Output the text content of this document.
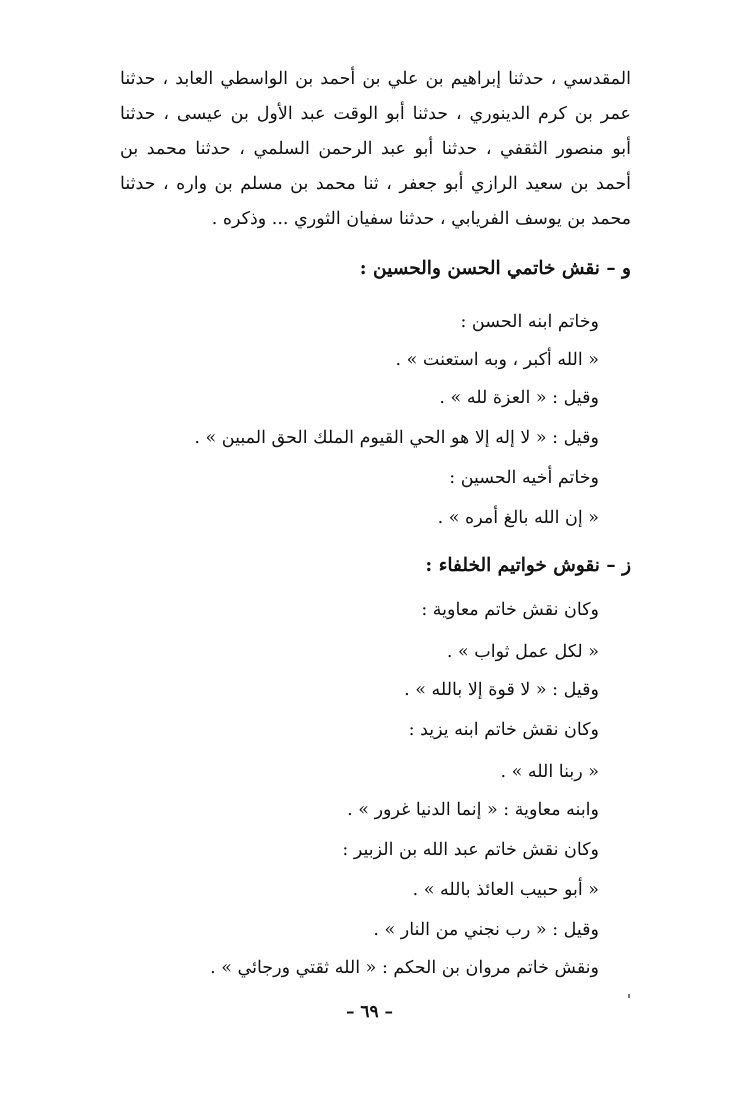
المقدسي ، حدثنا إبراهيم بن علي بن أحمد بن الواسطي العابد ، حدثنا
عمر بن كرم الدينوري ، حدثنا أبو الوقت عبد الأول بن عيسى ، حدثنا
أبو منصور الثقفي ، حدثنا أبو عبد الرحمن السلمي ، حدثنا محمد بن
أحمد بن سعيد الرازي أبو جعفر ، ثنا محمد بن مسلم بن واره ، حدثنا
محمد بن يوسف الفريابي ، حدثنا سفيان الثوري ... وذكره .
و – نقش خاتمي الحسن والحسين :

وخاتم ابنه الحسن :

« الله أكبر ، وبه استعنت » .

وقيل : « العزة لله » .

وقيل : « لا إله إلا هو الحي القيوم الملك الحق المبين » .

وخاتم أخيه الحسين :

« إن الله بالغ أمره » .

ز – نقوش خواتيم الخلفاء :

وكان نقش خاتم معاوية :

« لكل عمل ثواب » .

وقيل : « لا قوة إلا بالله » .

وكان نقش خاتم ابنه يزيد :

« ربنا الله » .

وابنه معاوية : « إنما الدنيا غرور » .

وكان نقش خاتم عبد الله بن الزبير :

« أبو حبيب العائذ بالله » .

وقيل : « رب نجني من النار » .

ونقش خاتم مروان بن الحكم : « الله ثقتي ورجائي » .

– ٦٩ –
